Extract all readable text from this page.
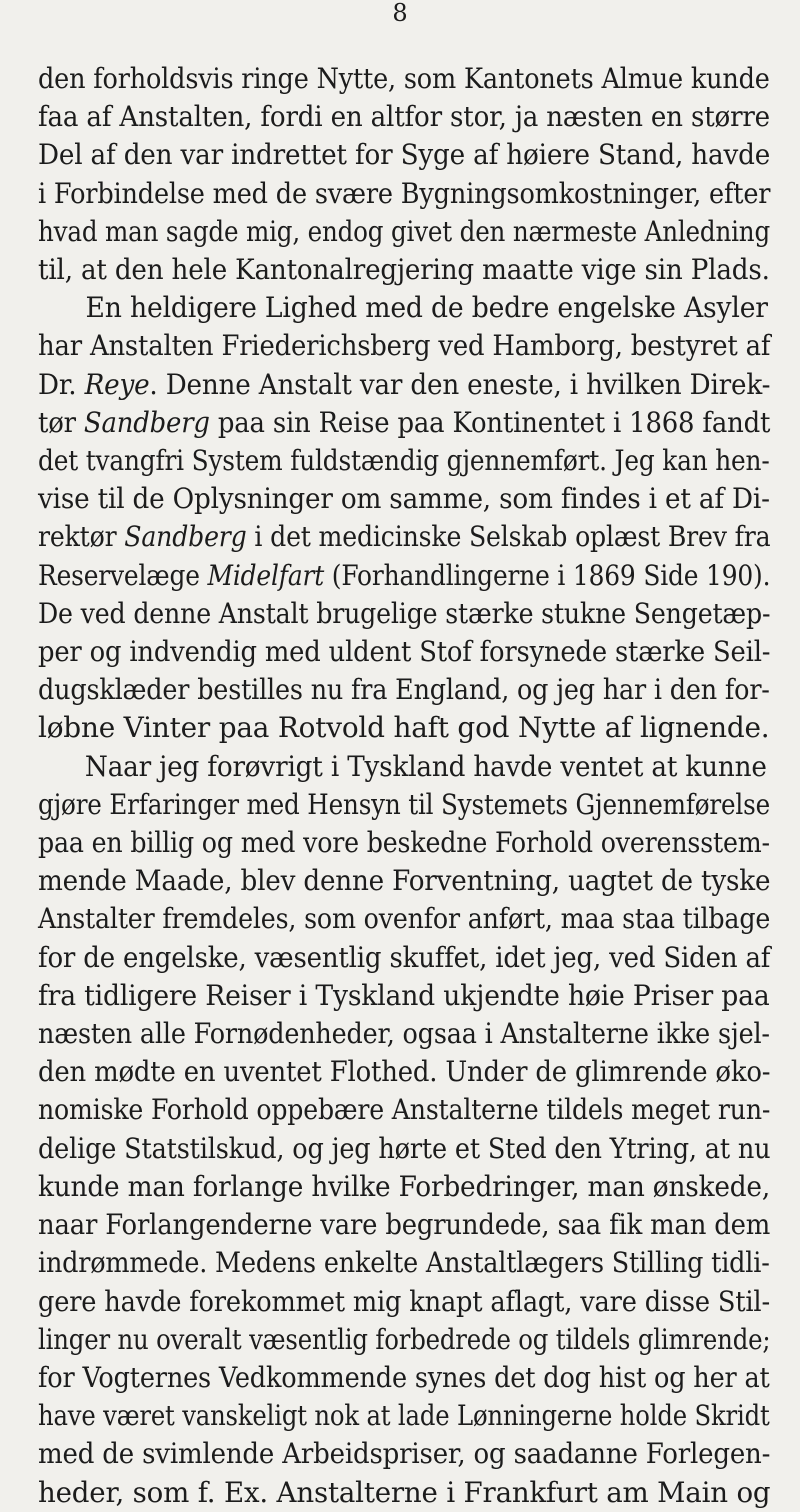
8
den forholdsvis ringe Nytte, som Kantonets Almue kunde
faa af Anstalten, fordi en altfor stor, ja næsten en større
Del af den var indrettet for Syge af høiere Stand, havde
i Forbindelse med de svære Bygningsomkostninger, efter
hvad man sagde mig, endog givet den nærmeste Anledning
til, at den hele Kantonalregjering maatte vige sin Plads.
En heldigere Lighed med de bedre engelske Asyler
har Anstalten Friederichsberg ved Hamborg, bestyret af
Dr. Reye. Denne Anstalt var den eneste, i hvilken Direk-
tør Sandberg paa sin Reise paa Kontinentet i 1868 fandt
det tvangfri System fuldstændig gjennemført. Jeg kan hen-
vise til de Oplysninger om samme, som findes i et af Di-
rektør Sandberg i det medicinske Selskab oplæst Brev fra
Reservelæge Midelfart (Forhandlingerne i 1869 Side 190).
De ved denne Anstalt brugelige stærke stukne Sengetæp-
per og indvendig med uldent Stof forsynede stærke Seil-
dugsklæder bestilles nu fra England, og jeg har i den for-
løbne Vinter paa Rotvold haft god Nytte af lignende.
Naar jeg forøvrigt i Tyskland havde ventet at kunne
gjøre Erfaringer med Hensyn til Systemets Gjennemførelse
paa en billig og med vore beskedne Forhold overensstem-
mende Maade, blev denne Forventning, uagtet de tyske
Anstalter fremdeles, som ovenfor anført, maa staa tilbage
for de engelske, væsentlig skuffet, idet jeg, ved Siden af
fra tidligere Reiser i Tyskland ukjendte høie Priser paa
næsten alle Fornødenheder, ogsaa i Anstalterne ikke sjel-
den mødte en uventet Flothed. Under de glimrende øko-
nomiske Forhold oppebære Anstalterne tildels meget run-
delige Statstilskud, og jeg hørte et Sted den Ytring, at nu
kunde man forlange hvilke Forbedringer, man ønskede,
naar Forlangenderne vare begrundede, saa fik man dem
indrømmede. Medens enkelte Anstaltlægers Stilling tidli-
gere havde forekommet mig knapt aflagt, vare disse Stil-
linger nu overalt væsentlig forbedrede og tildels glimrende;
for Vogternes Vedkommende synes det dog hist og her at
have været vanskeligt nok at lade Lønningerne holde Skridt
med de svimlende Arbeidspriser, og saadanne Forlegen-
heder, som f. Ex. Anstalterne i Frankfurt am Main og
